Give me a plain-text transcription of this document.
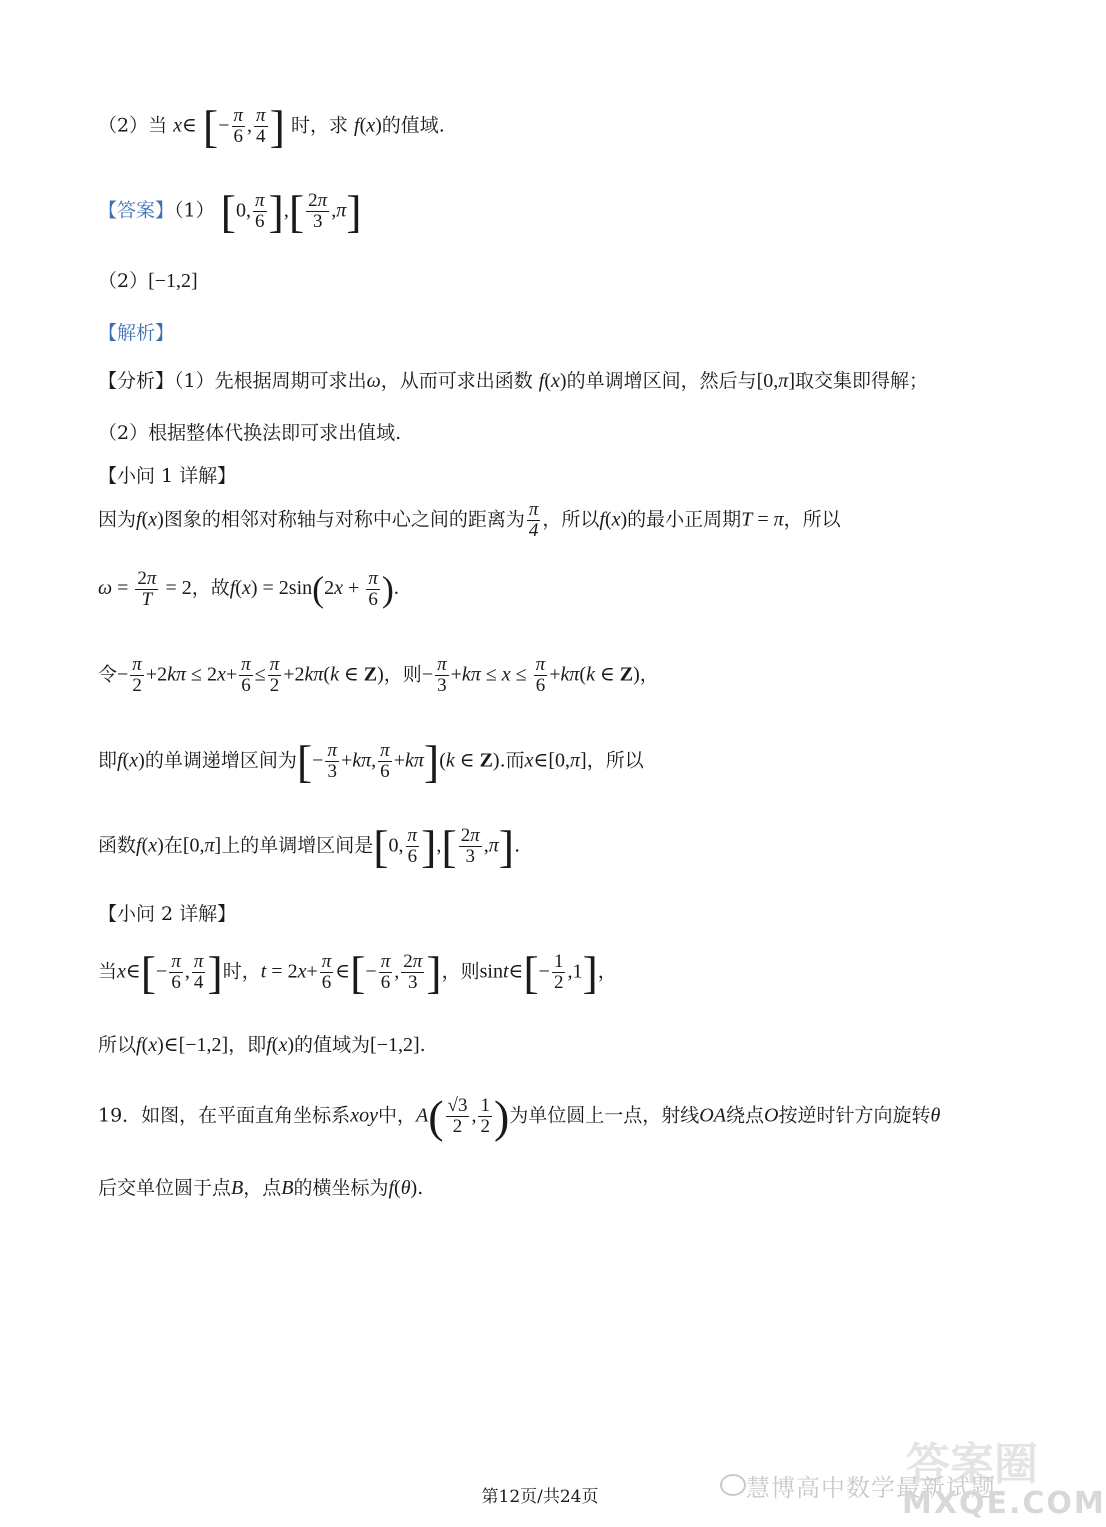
（2）当 x∈ [− $\frac{\pi}{6}$ , $\frac{\pi}{4}$ ] 时，求 f(x)的值域.
【答案】（1） [0, $\frac{\pi}{6}$ ],[ $\frac{2\pi}{3} ,\pi$]
（2）[−1,2]
【解析】
【分析】（1）先根据周期可求出ω，从而可求出函数 f(x)的单调增区间，然后与[0,π]取交集即得解；
（2）根据整体代换法即可求出值域.
【小问 1 详解】
因为f(x)图象的相邻对称轴与对称中心之间的距离为 $\frac{\pi}{4}$ ，所以f(x)的最小正周期T = π，所以
$\omega = \frac{2\pi}{T} = 2$，故$f(x) = 2\sin(2x + \frac{\pi}{6}$ ).
令− $\frac{\pi}{2} +2k\pi \le 2x+ \frac{\pi}{6} \le \frac{\pi}{2} +2k\pi(k$ ∈ Z)，则− $\frac{\pi}{3} +k\pi \le x \le \frac{\pi}{6} +k\pi(k$ ∈ Z)，
即f(x)的单调递增区间为[− $\frac{\pi}{3} +k\pi$, $\frac{\pi}{6} +k\pi](k$ ∈ Z).而x∈[0,π]，所以
函数f(x)在[0,π]上的单调增区间是[0, $\frac{\pi}{6}$ ],[ $\frac{2\pi}{3} ,\pi$].
【小问 2 详解】
当x∈[− $\frac{\pi}{6}$ , $\frac{\pi}{4}$ ]时，$t = 2x+ \frac{\pi}{6}$ ∈[− $\frac{\pi}{6}$ , $\frac{2\pi}{3}$ ]，则sint∈[− $\frac{1}{2} ,1$]，
所以f(x)∈[−1,2]，即f(x)的值域为[−1,2].
19．如图，在平面直角坐标系xoy中，$A( \frac{√3}{2}$ , $\frac{1}{2}$ )为单位圆上一点，射线OA绕点O按逆时针方向旋转θ
后交单位圆于点B，点B的横坐标为f(θ).
答案圈
慧博高中数学最新试题
MXQE.COM
第12页/共24页
